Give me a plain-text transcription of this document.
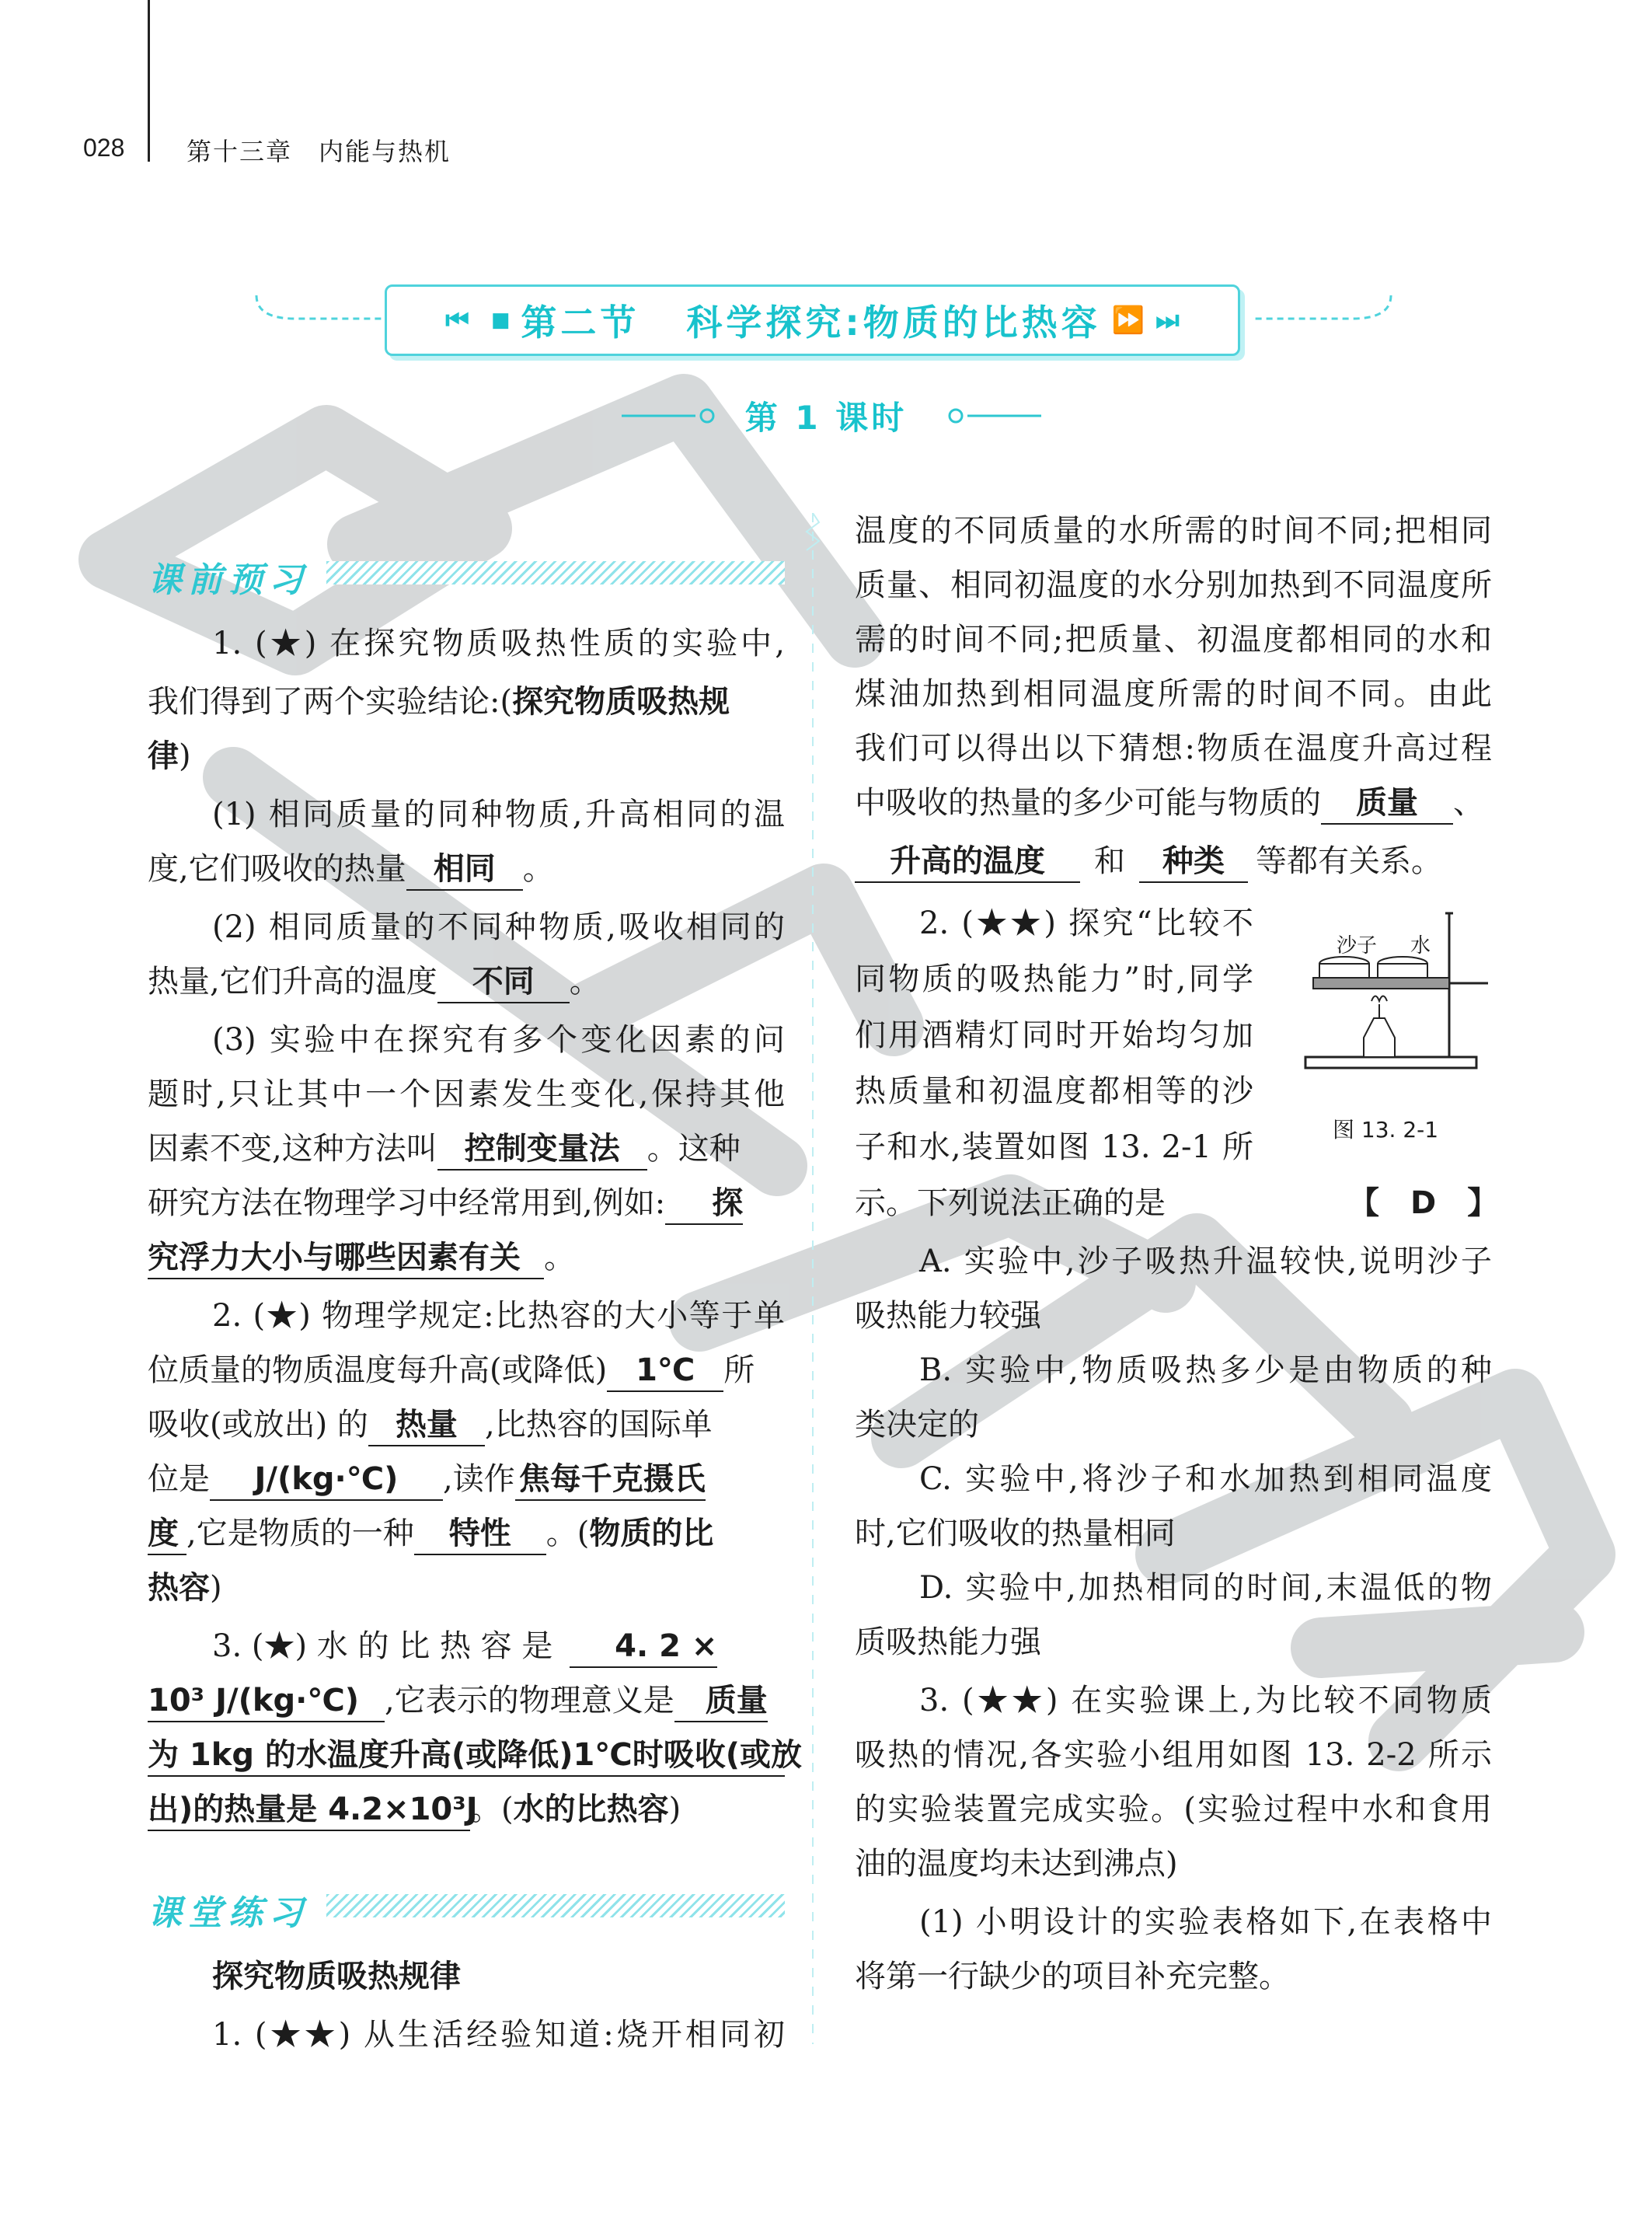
028 第十三章　内能与热机
⏮ ■ 第二节 科学探究:物质的比热容 ⏩ ⏭
第 1 课时
课前预习
1. (★) 在探究物质吸热性质的实验中,
我们得到了两个实验结论:(探究物质吸热规
律)
(1) 相同质量的同种物质,升高相同的温
度,它们吸收的热量 相同 。
(2) 相同质量的不同种物质,吸收相同的
热量,它们升高的温度 不同 。
(3) 实验中在探究有多个变化因素的问
题时,只让其中一个因素发生变化,保持其他
因素不变,这种方法叫 控制变量法 。这种
研究方法在物理学习中经常用到,例如: 探
究浮力大小与哪些因素有关 。
2. (★) 物理学规定:比热容的大小等于单
位质量的物质温度每升高(或降低) 1℃ 所
吸收(或放出) 的 热量 ,比热容的国际单
位是 J/(kg·℃) ,读作 焦每千克摄氏
度 ,它是物质的一种 特性 。(物质的比
热容)
3. (★) 水 的 比 热 容 是 4. 2 ×
10³ J/(kg·℃) ,它表示的物理意义是 质量
为 1kg 的水温度升高(或降低)1℃时吸收(或放
出)的热量是 4.2×10³J。(水的比热容)
课堂练习
探究物质吸热规律
1. (★★) 从生活经验知道:烧开相同初
温度的不同质量的水所需的时间不同;把相同
质量、相同初温度的水分别加热到不同温度所
需的时间不同;把质量、初温度都相同的水和
煤油加热到相同温度所需的时间不同。由此
我们可以得出以下猜想:物质在温度升高过程
中吸收的热量的多少可能与物质的 质量 、
升高的温度 和 种类 等都有关系。
2. (★★) 探究“比较不
同物质的吸热能力”时,同学
们用酒精灯同时开始均匀加
热质量和初温度都相等的沙
子和水,装置如图 13. 2-1 所
示。下列说法正确的是	【　D　】
沙子 水
图 13. 2-1
A. 实验中,沙子吸热升温较快,说明沙子
吸热能力较强
B. 实验中,物质吸热多少是由物质的种
类决定的
C. 实验中,将沙子和水加热到相同温度
时,它们吸收的热量相同
D. 实验中,加热相同的时间,末温低的物
质吸热能力强
3. (★★) 在实验课上,为比较不同物质
吸热的情况,各实验小组用如图 13. 2-2 所示
的实验装置完成实验。(实验过程中水和食用
油的温度均未达到沸点)
(1) 小明设计的实验表格如下,在表格中
将第一行缺少的项目补充完整。
